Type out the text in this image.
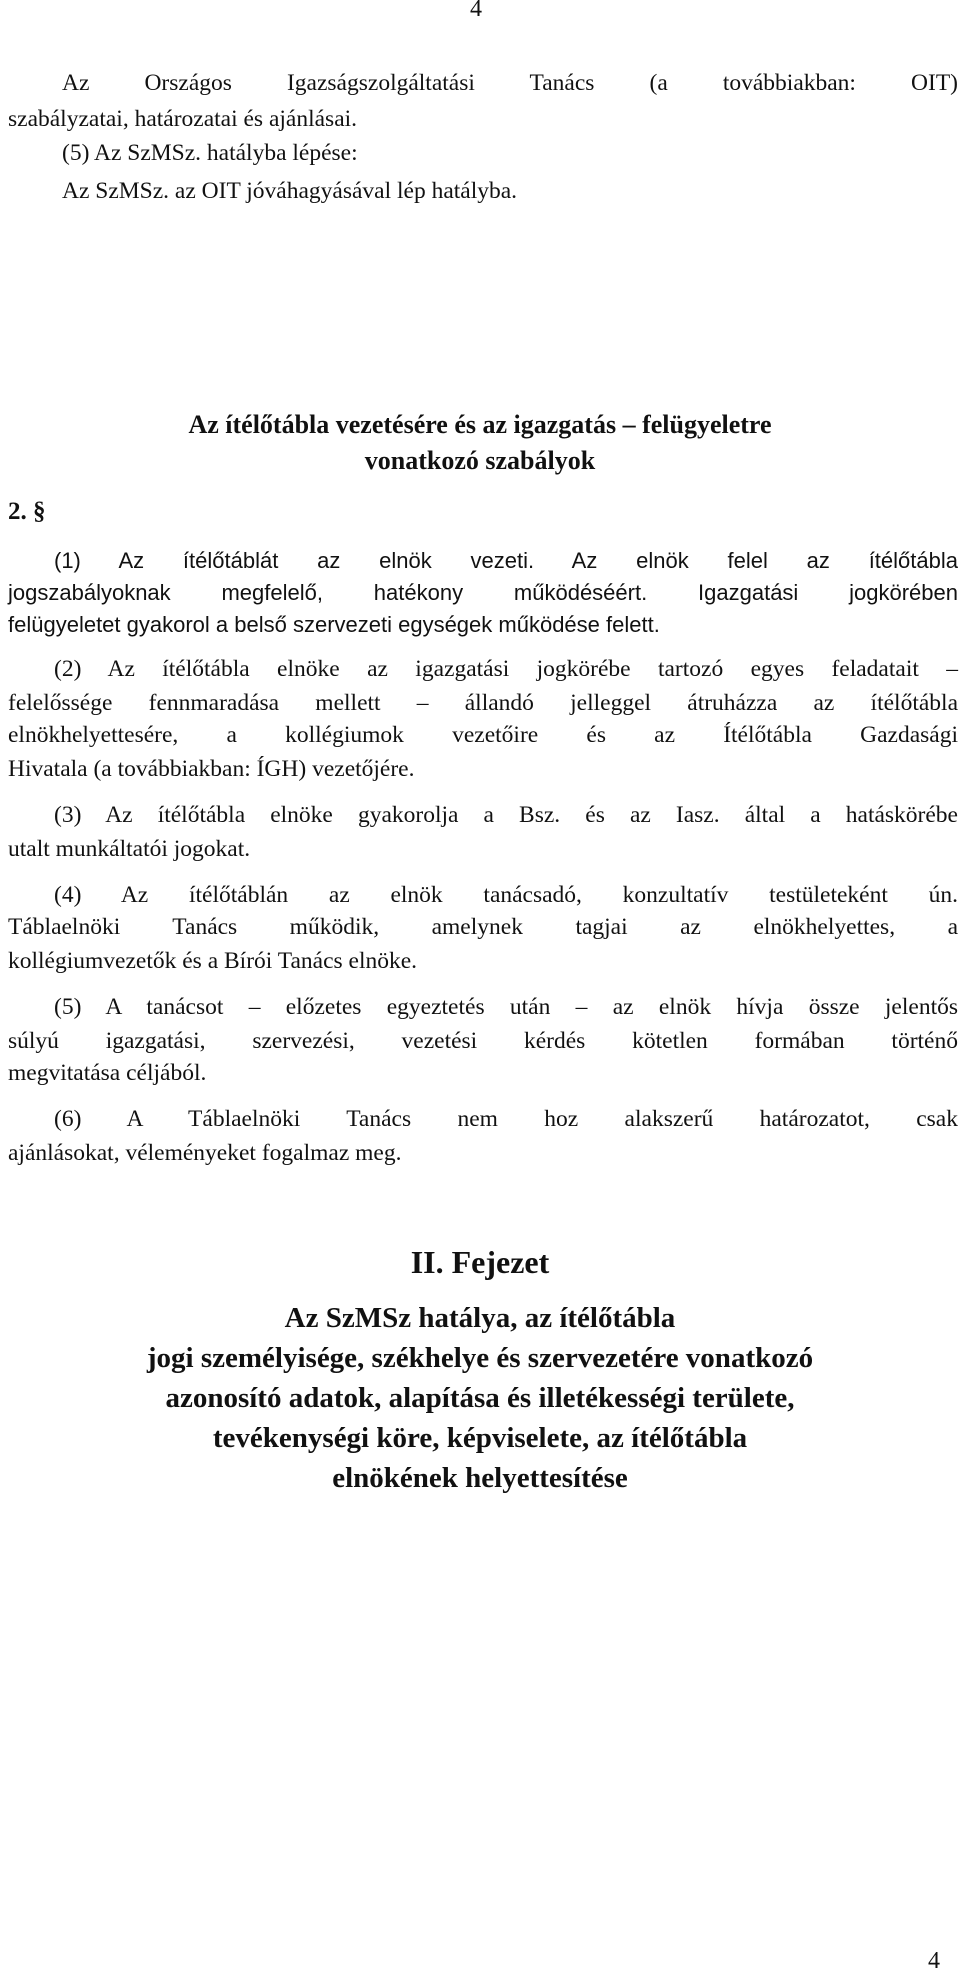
4
Az Országos Igazságszolgáltatási Tanács (a továbbiakban: OIT)
szabályzatai, határozatai és ajánlásai.
(5) Az SzMSz. hatályba lépése:
Az SzMSz. az OIT jóváhagyásával lép hatályba.
Az ítélőtábla vezetésére és az igazgatás – felügyeletre
vonatkozó szabályok
2. §
(1) Az ítélőtáblát az elnök vezeti. Az elnök felel az ítélőtábla
jogszabályoknak megfelelő, hatékony működéséért. Igazgatási jogkörében
felügyeletet gyakorol a belső szervezeti egységek működése felett.
(2) Az ítélőtábla elnöke az igazgatási jogkörébe tartozó egyes feladatait –
felelőssége fennmaradása mellett – állandó jelleggel átruházza az ítélőtábla
elnökhelyettesére, a kollégiumok vezetőire és az Ítélőtábla Gazdasági
Hivatala (a továbbiakban: ÍGH) vezetőjére.
(3) Az ítélőtábla elnöke gyakorolja a Bsz. és az Iasz. által a hatáskörébe
utalt munkáltatói jogokat.
(4) Az ítélőtáblán az elnök tanácsadó, konzultatív testületeként ún.
Táblaelnöki Tanács működik, amelynek tagjai az elnökhelyettes, a
kollégiumvezetők és a Bírói Tanács elnöke.
(5) A tanácsot – előzetes egyeztetés után – az elnök hívja össze jelentős
súlyú igazgatási, szervezési, vezetési kérdés kötetlen formában történő
megvitatása céljából.
(6) A Táblaelnöki Tanács nem hoz alakszerű határozatot, csak
ajánlásokat, véleményeket fogalmaz meg.
II. Fejezet
Az SzMSz hatálya, az ítélőtábla
jogi személyisége, székhelye és szervezetére vonatkozó
azonosító adatok, alapítása és illetékességi területe,
tevékenységi köre, képviselete, az ítélőtábla
elnökének helyettesítése
4
